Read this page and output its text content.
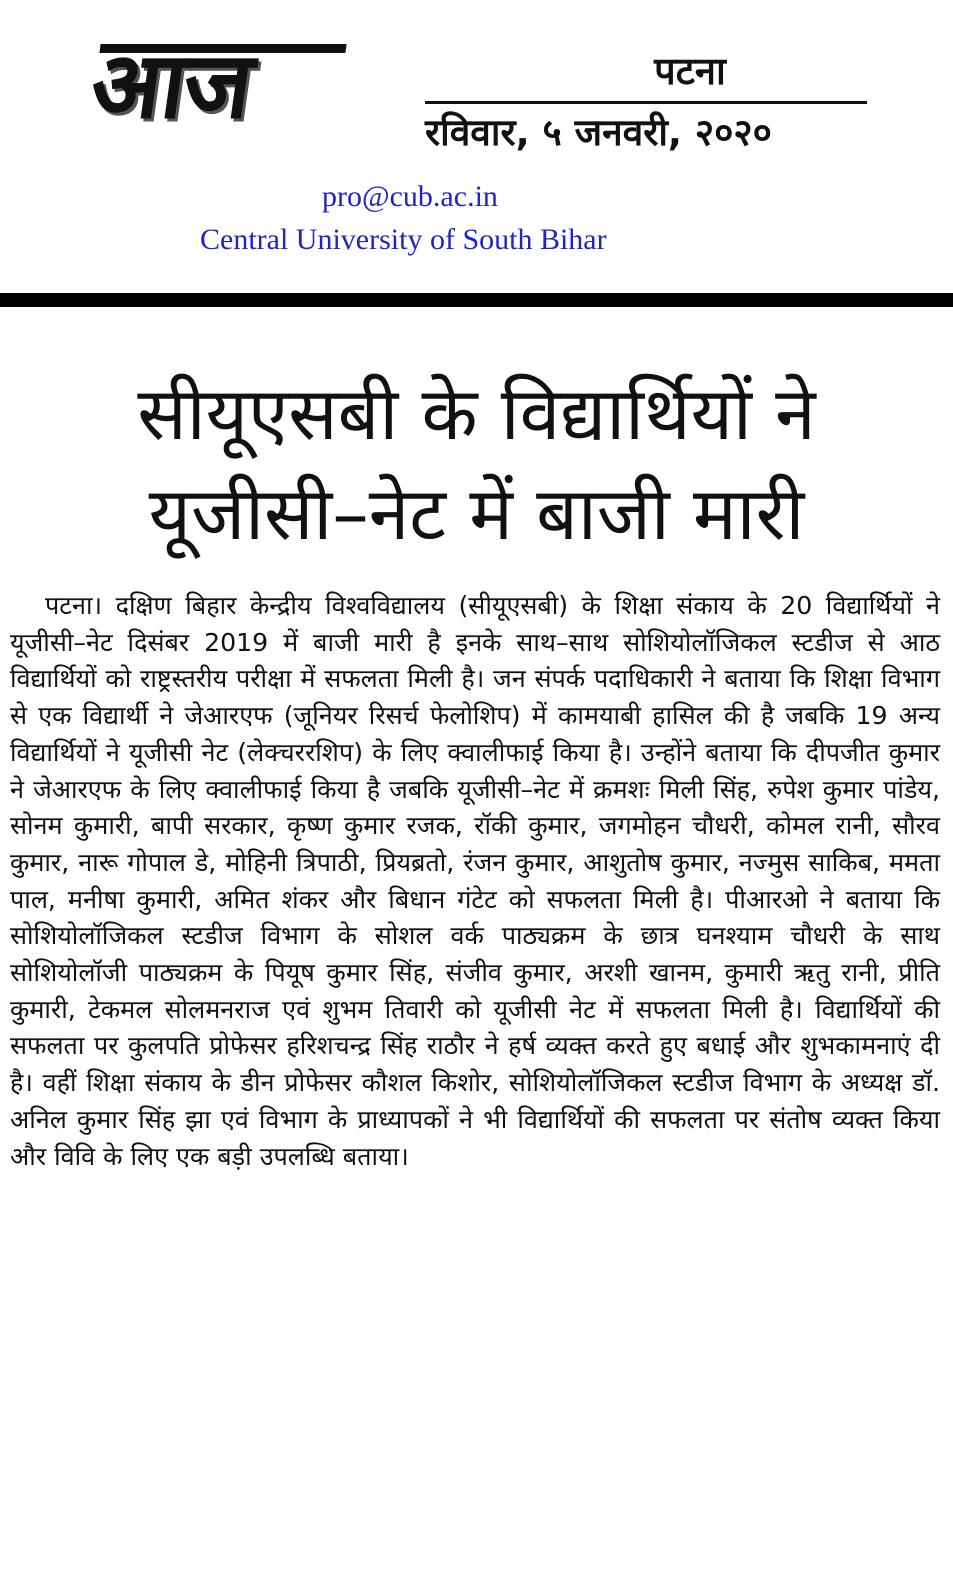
आज	पटना
रविवार, ५ जनवरी, २०२०
pro@cub.ac.in
Central University of South Bihar
सीयूएसबी के विद्यार्थियों ने
यूजीसी–नेट में बाजी मारी

पटना। दक्षिण बिहार केन्द्रीय विश्वविद्यालय (सीयूएसबी) के शिक्षा संकाय के 20 विद्यार्थियों ने यूजीसी–नेट दिसंबर 2019 में बाजी मारी है इनके साथ–साथ सोशियोलॉजिकल स्टडीज से आठ विद्यार्थियों को राष्ट्रस्तरीय परीक्षा में सफलता मिली है। जन संपर्क पदाधिकारी ने बताया कि शिक्षा विभाग से एक विद्यार्थी ने जेआरएफ (जूनियर रिसर्च फेलोशिप) में कामयाबी हासिल की है जबकि 19 अन्य विद्यार्थियों ने यूजीसी नेट (लेक्चररशिप) के लिए क्वालीफाई किया है। उन्होंने बताया कि दीपजीत कुमार ने जेआरएफ के लिए क्वालीफाई किया है जबकि यूजीसी–नेट में क्रमशः मिली सिंह, रुपेश कुमार पांडेय, सोनम कुमारी, बापी सरकार, कृष्ण कुमार रजक, रॉकी कुमार, जगमोहन चौधरी, कोमल रानी, सौरव कुमार, नारू गोपाल डे, मोहिनी त्रिपाठी, प्रियब्रतो, रंजन कुमार, आशुतोष कुमार, नज्मुस साकिब, ममता पाल, मनीषा कुमारी, अमित शंकर और बिधान गंटेट को सफलता मिली है। पीआरओ ने बताया कि सोशियोलॉजिकल स्टडीज विभाग के सोशल वर्क पाठ्यक्रम के छात्र घनश्याम चौधरी के साथ सोशियोलॉजी पाठ्यक्रम के पियूष कुमार सिंह, संजीव कुमार, अरशी खानम, कुमारी ऋतु रानी, प्रीति कुमारी, टेकमल सोलमनराज एवं शुभम तिवारी को यूजीसी नेट में सफलता मिली है। विद्यार्थियों की सफलता पर कुलपति प्रोफेसर हरिशचन्द्र सिंह राठौर ने हर्ष व्यक्त करते हुए बधाई और शुभकामनाएं दी है। वहीं शिक्षा संकाय के डीन प्रोफेसर कौशल किशोर, सोशियोलॉजिकल स्टडीज विभाग के अध्यक्ष डॉ. अनिल कुमार सिंह झा एवं विभाग के प्राध्यापकों ने भी विद्यार्थियों की सफलता पर संतोष व्यक्त किया और विवि के लिए एक बड़ी उपलब्धि बताया।
